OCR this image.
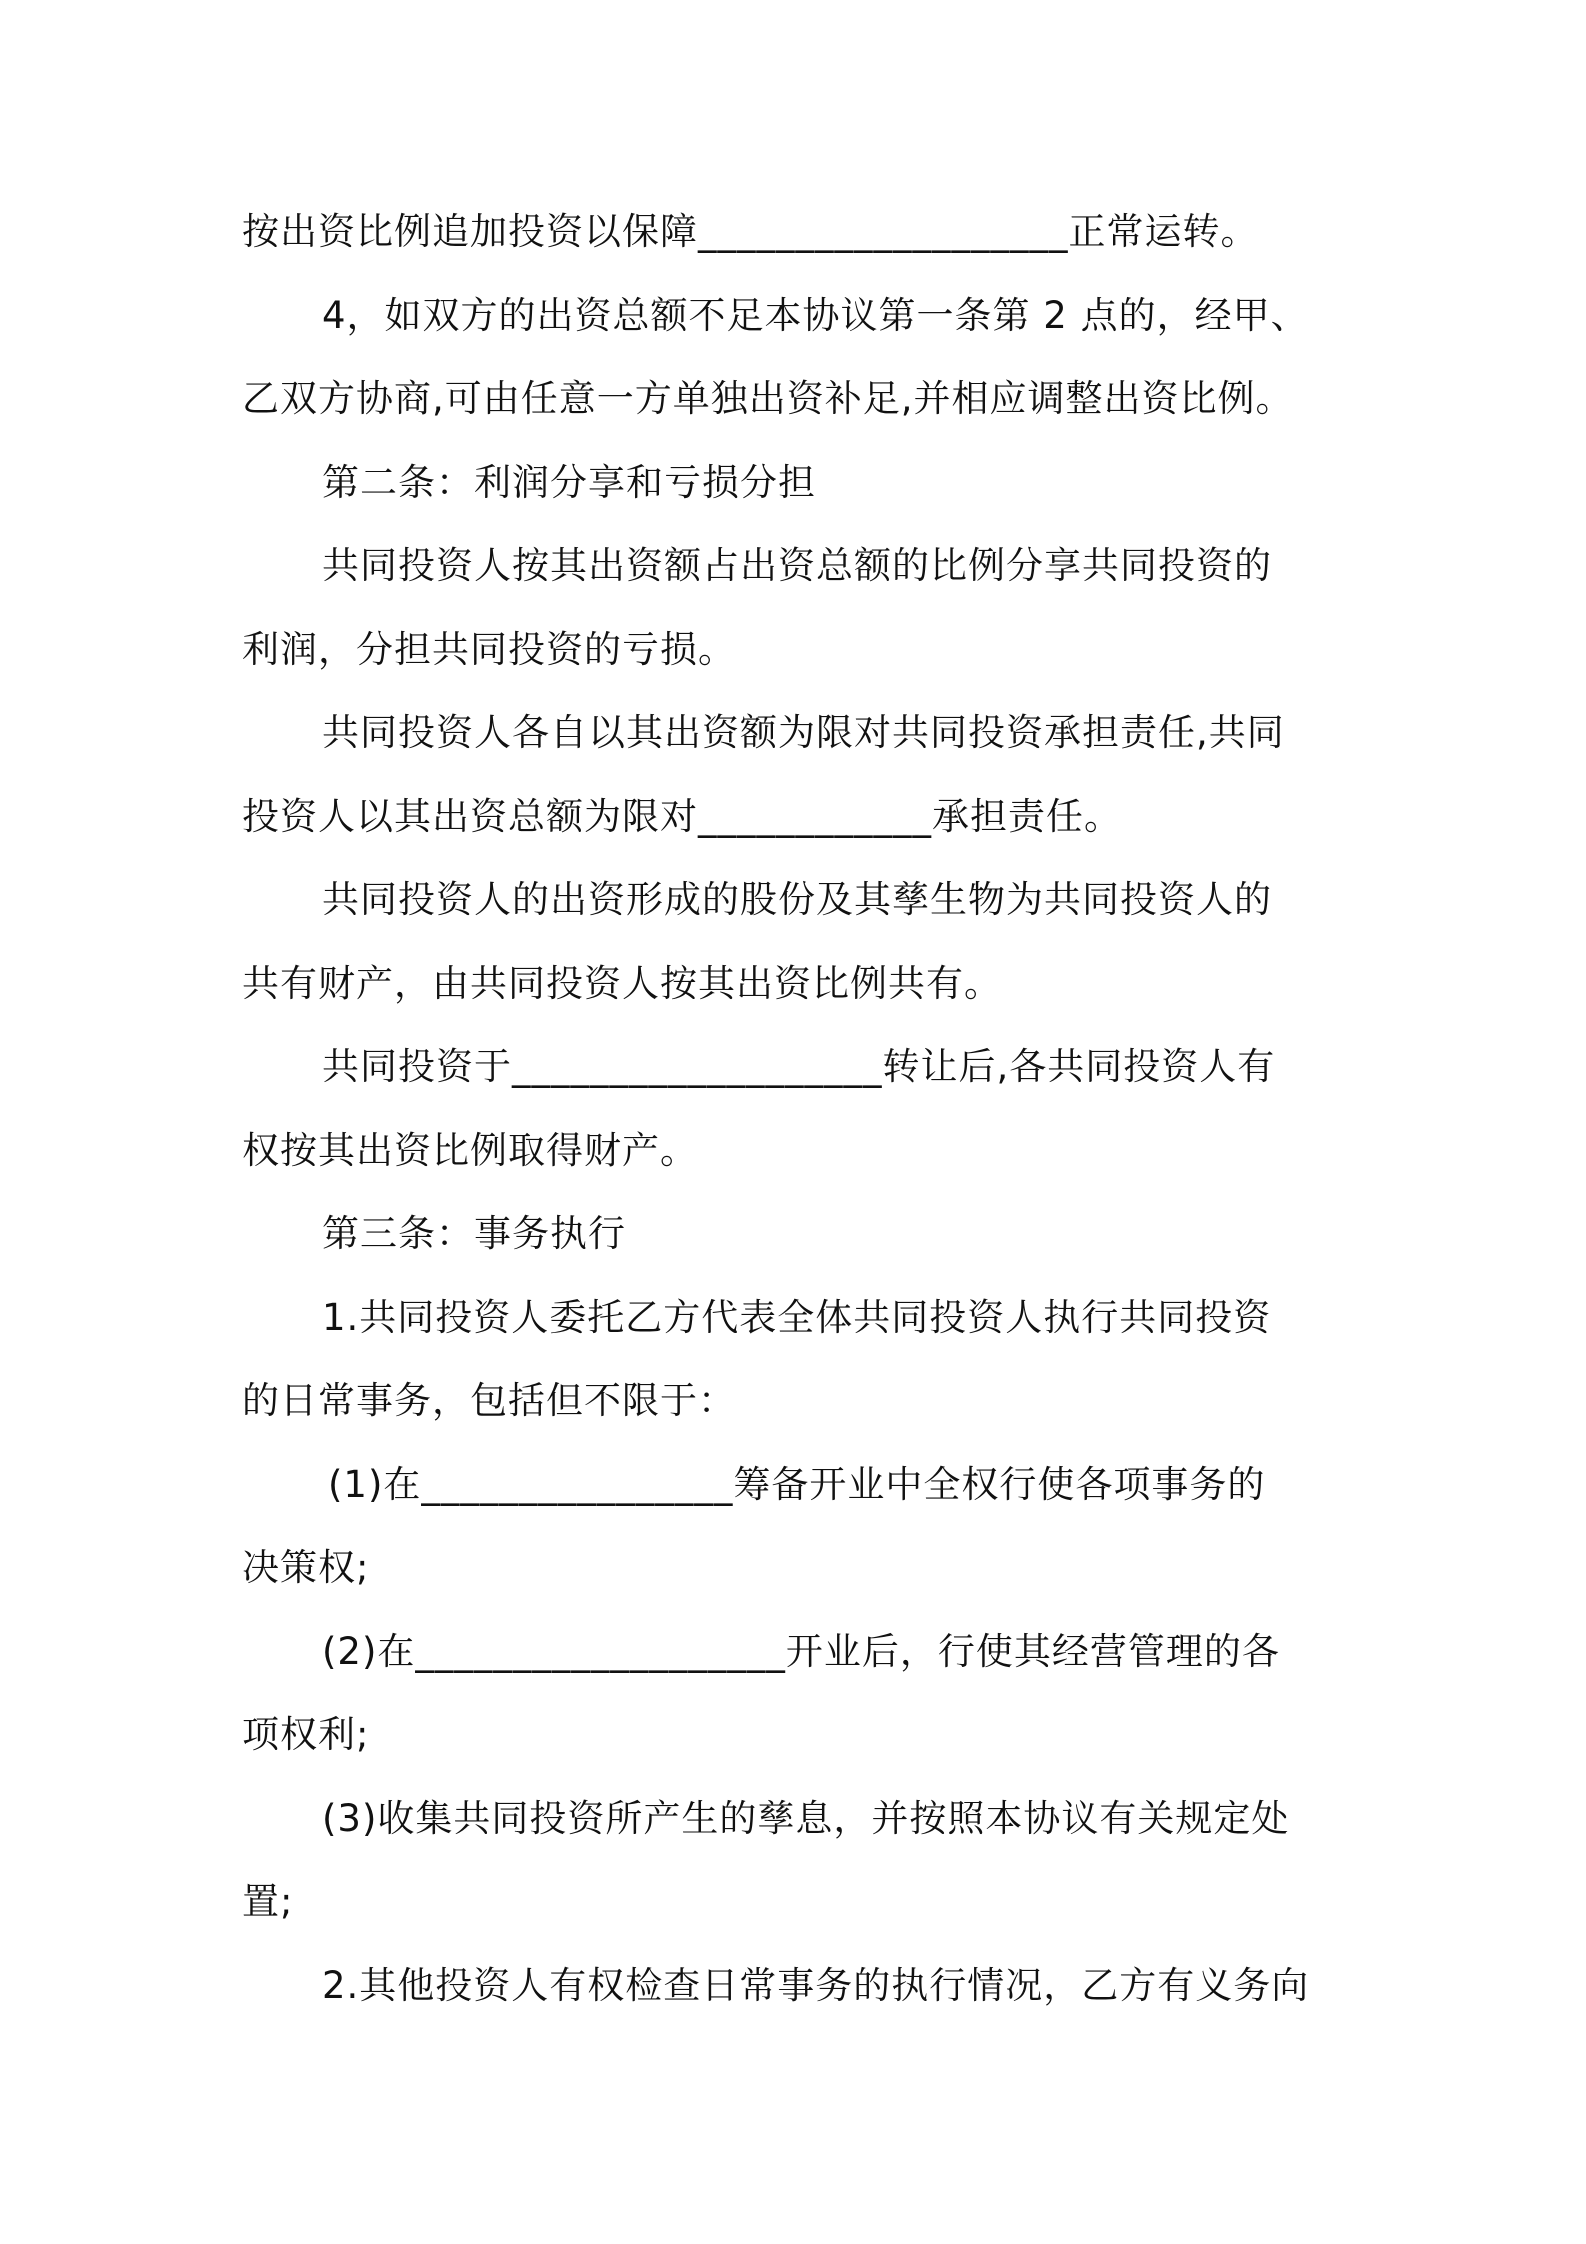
按出资比例追加投资以保障___________________正常运转。
4，如双方的出资总额不足本协议第一条第 2 点的，经甲、
乙双方协商,可由任意一方单独出资补足,并相应调整出资比例。
第二条：利润分享和亏损分担
共同投资人按其出资额占出资总额的比例分享共同投资的
利润，分担共同投资的亏损。
共同投资人各自以其出资额为限对共同投资承担责任,共同
投资人以其出资总额为限对____________承担责任。
共同投资人的出资形成的股份及其孳生物为共同投资人的
共有财产，由共同投资人按其出资比例共有。
共同投资于___________________转让后,各共同投资人有
权按其出资比例取得财产。
第三条：事务执行
1.共同投资人委托乙方代表全体共同投资人执行共同投资
的日常事务，包括但不限于：
(1)在________________筹备开业中全权行使各项事务的
决策权;
(2)在___________________开业后，行使其经营管理的各
项权利;
(3)收集共同投资所产生的孳息，并按照本协议有关规定处
置;
2.其他投资人有权检查日常事务的执行情况，乙方有义务向
